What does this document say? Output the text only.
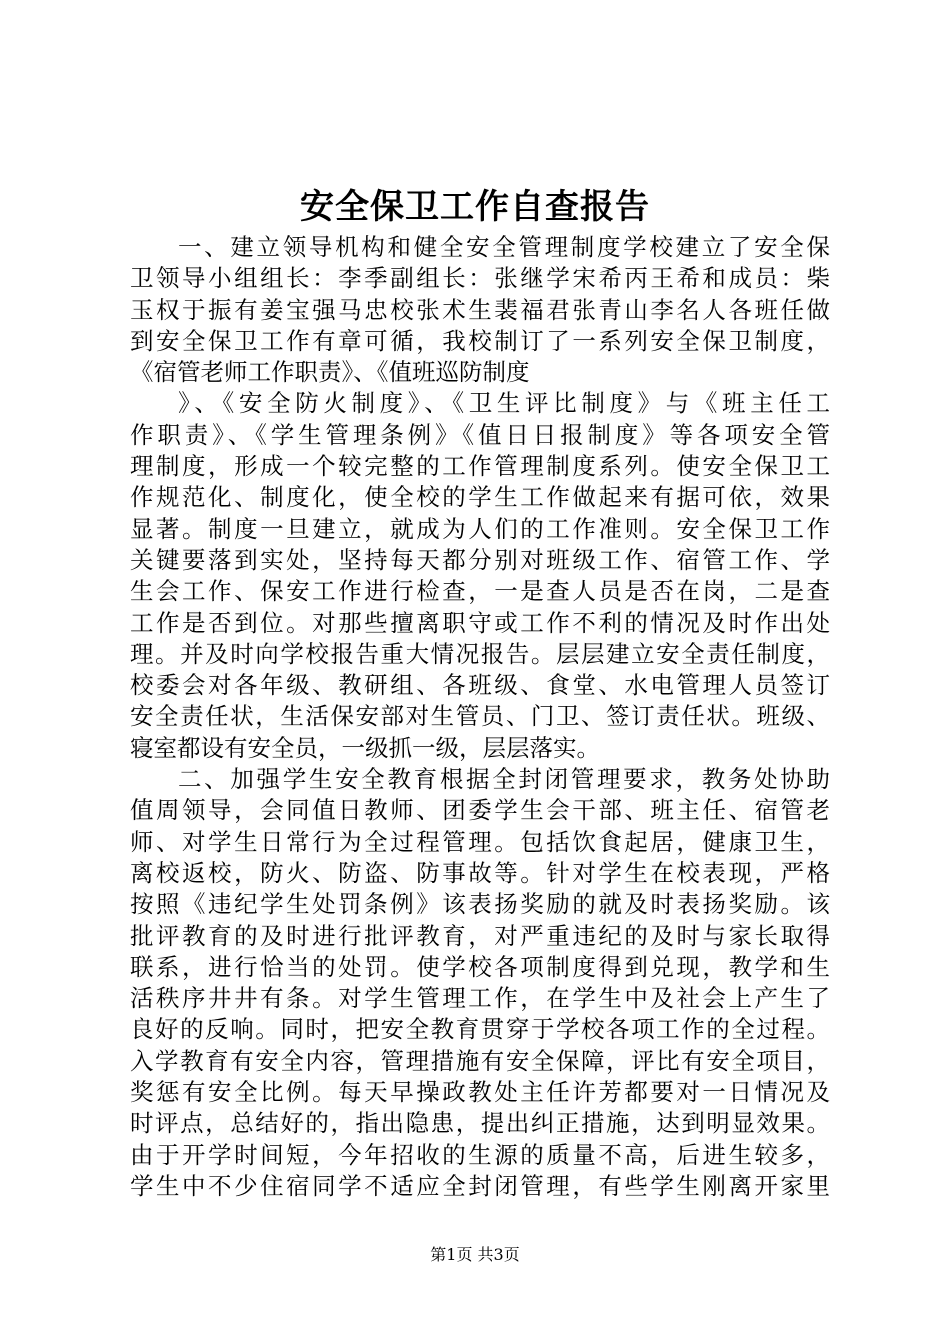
安全保卫工作自查报告
一、建立领导机构和健全安全管理制度学校建立了安全保
卫领导小组组长：李季副组长：张继学宋希丙王希和成员：柴
玉权于振有姜宝强马忠校张术生裴福君张青山李名人各班任做
到安全保卫工作有章可循，我校制订了一系列安全保卫制度，
《宿管老师工作职责》、《值班巡防制度
》、《安全防火制度》、《卫生评比制度》与《班主任工
作职责》、《学生管理条例》《值日日报制度》等各项安全管
理制度，形成一个较完整的工作管理制度系列。使安全保卫工
作规范化、制度化，使全校的学生工作做起来有据可依，效果
显著。制度一旦建立，就成为人们的工作准则。安全保卫工作
关键要落到实处，坚持每天都分别对班级工作、宿管工作、学
生会工作、保安工作进行检查，一是查人员是否在岗，二是查
工作是否到位。对那些擅离职守或工作不利的情况及时作出处
理。并及时向学校报告重大情况报告。层层建立安全责任制度，
校委会对各年级、教研组、各班级、食堂、水电管理人员签订
安全责任状，生活保安部对生管员、门卫、签订责任状。班级、
寝室都设有安全员，一级抓一级，层层落实。
二、加强学生安全教育根据全封闭管理要求，教务处协助
值周领导，会同值日教师、团委学生会干部、班主任、宿管老
师、对学生日常行为全过程管理。包括饮食起居，健康卫生，
离校返校，防火、防盗、防事故等。针对学生在校表现，严格
按照《违纪学生处罚条例》该表扬奖励的就及时表扬奖励。该
批评教育的及时进行批评教育，对严重违纪的及时与家长取得
联系，进行恰当的处罚。使学校各项制度得到兑现，教学和生
活秩序井井有条。对学生管理工作，在学生中及社会上产生了
良好的反响。同时，把安全教育贯穿于学校各项工作的全过程。
入学教育有安全内容，管理措施有安全保障，评比有安全项目，
奖惩有安全比例。每天早操政教处主任许芳都要对一日情况及
时评点，总结好的，指出隐患，提出纠正措施，达到明显效果。
由于开学时间短，今年招收的生源的质量不高，后进生较多，
学生中不少住宿同学不适应全封闭管理，有些学生刚离开家里
第1页 共3页
